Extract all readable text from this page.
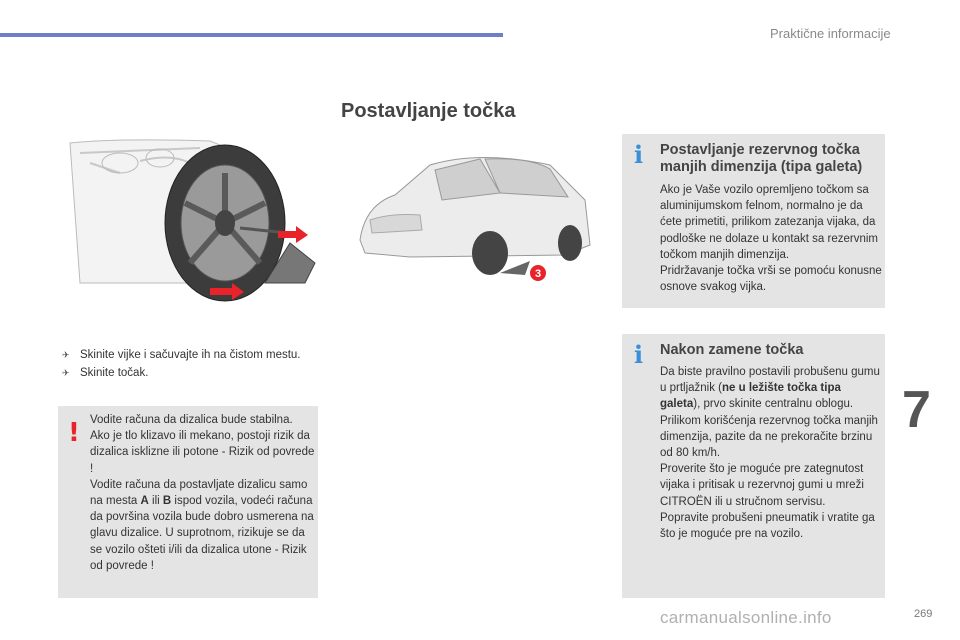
Praktične informacije
Postavljanje točka
3
✈ Skinite vijke i sačuvajte ih na čistom mestu.
✈ Skinite točak.
! Vodite računa da dizalica bude stabilna. Ako je tlo klizavo ili mekano, postoji rizik da dizalica isklizne ili potone - Rizik od povrede !
Vodite računa da postavljate dizalicu samo na mesta A ili B ispod vozila, vodeći računa da površina vozila bude dobro usmerena na glavu dizalice. U suprotnom, rizikuje se da se vozilo ošteti i/ili da dizalica utone - Rizik od povrede !
i Postavljanje rezervnog točka manjih dimenzija (tipa galeta)
Ako je Vaše vozilo opremljeno točkom sa aluminijumskom felnom, normalno je da ćete primetiti, prilikom zatezanja vijaka, da podloške ne dolaze u kontakt sa rezervnim točkom manjih dimenzija.
Pridržavanje točka vrši se pomoću konusne osnove svakog vijka.
i Nakon zamene točka
Da biste pravilno postavili probušenu gumu u prtljažnik (ne u ležište točka tipa galeta), prvo skinite centralnu oblogu.
Prilikom korišćenja rezervnog točka manjih dimenzija, pazite da ne prekoračite brzinu od 80 km/h.
Proverite što je moguće pre zategnutost vijaka i pritisak u rezervnoj gumi u mreži CITROËN ili u stručnom servisu.
Popravite probušeni pneumatik i vratite ga što je moguće pre na vozilo.
7
carmanualsonline.info	269
